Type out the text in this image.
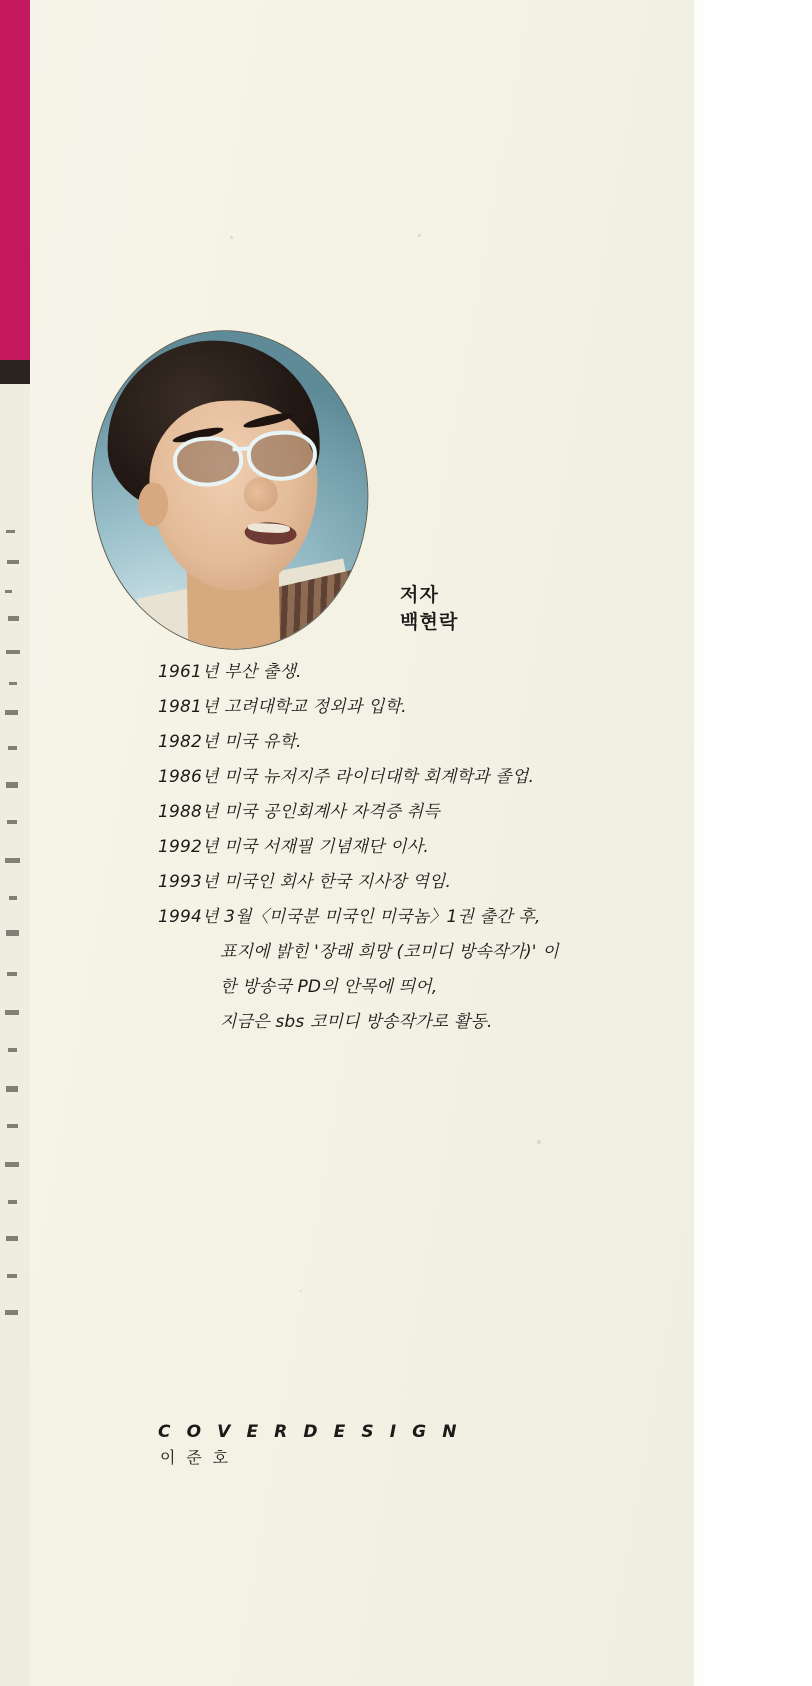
저자
백현락
1961년 부산 출생.
1981년 고려대학교 정외과 입학.
1982년 미국 유학.
1986년 미국 뉴저지주 라이더대학 회계학과 졸업.
1988년 미국 공인회계사 자격증 취득
1992년 미국 서재필 기념재단 이사.
1993년 미국인 회사 한국 지사장 역임.
1994년 3월〈미국분 미국인 미국놈〉1권 출간 후,
표지에 밝힌 '장래 희망 (코미디 방속작가)' 이
한 방송국 PD의 안목에 띄어,
지금은 sbs 코미디 방송작가로 활동.
C O V E R D E S I G N
이 준 호
